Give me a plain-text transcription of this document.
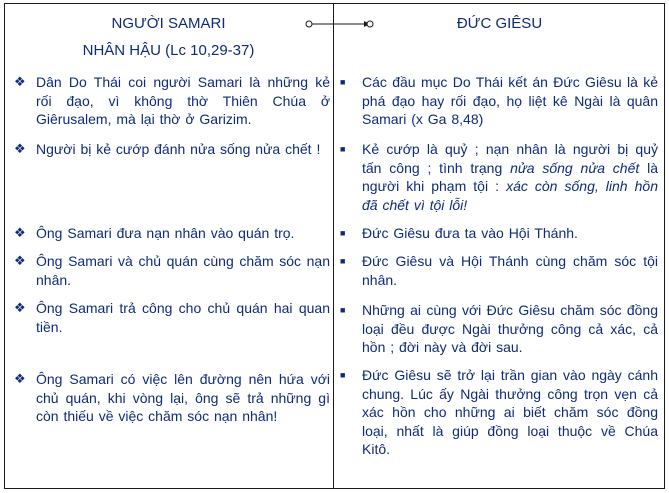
NGƯỜI SAMARI
NHÂN HẬU (Lc 10,29-37)
ĐỨC GIÊSU
❖ Dân Do Thái coi người Samari là những kẻ rối đạo, vì không thờ Thiên Chúa ở Giêrusalem, mà lại thờ ở Garizim.
❖ Người bị kẻ cướp đánh nửa sống nửa chết !
❖ Ông Samari đưa nạn nhân vào quán trọ.
❖ Ông Samari và chủ quán cùng chăm sóc nạn nhân.
❖ Ông Samari trả công cho chủ quán hai quan tiền.
❖ Ông Samari có việc lên đường nên hứa với chủ quán, khi vòng lại, ông sẽ trả những gì còn thiếu về việc chăm sóc nạn nhân!
■ Các đầu mục Do Thái kết án Đức Giêsu là kẻ phá đạo hay rối đạo, họ liệt kê Ngài là quân Samari (x Ga 8,48)
■ Kẻ cướp là quỷ ; nạn nhân là người bị quỷ tấn công ; tình trạng nửa sống nửa chết là người khi phạm tội : xác còn sống, linh hồn đã chết vì tội lỗi!
■ Đức Giêsu đưa ta vào Hội Thánh.
■ Đức Giêsu và Hội Thánh cùng chăm sóc tội nhân.
■ Những ai cùng với Đức Giêsu chăm sóc đồng loại đều được Ngài thưởng công cả xác, cả hồn ; đời này và đời sau.
■ Đức Giêsu sẽ trở lại trần gian vào ngày cánh chung. Lúc ấy Ngài thưởng công trọn vẹn cả xác hồn cho những ai biết chăm sóc đồng loại, nhất là giúp đồng loại thuộc về Chúa Kitô.
